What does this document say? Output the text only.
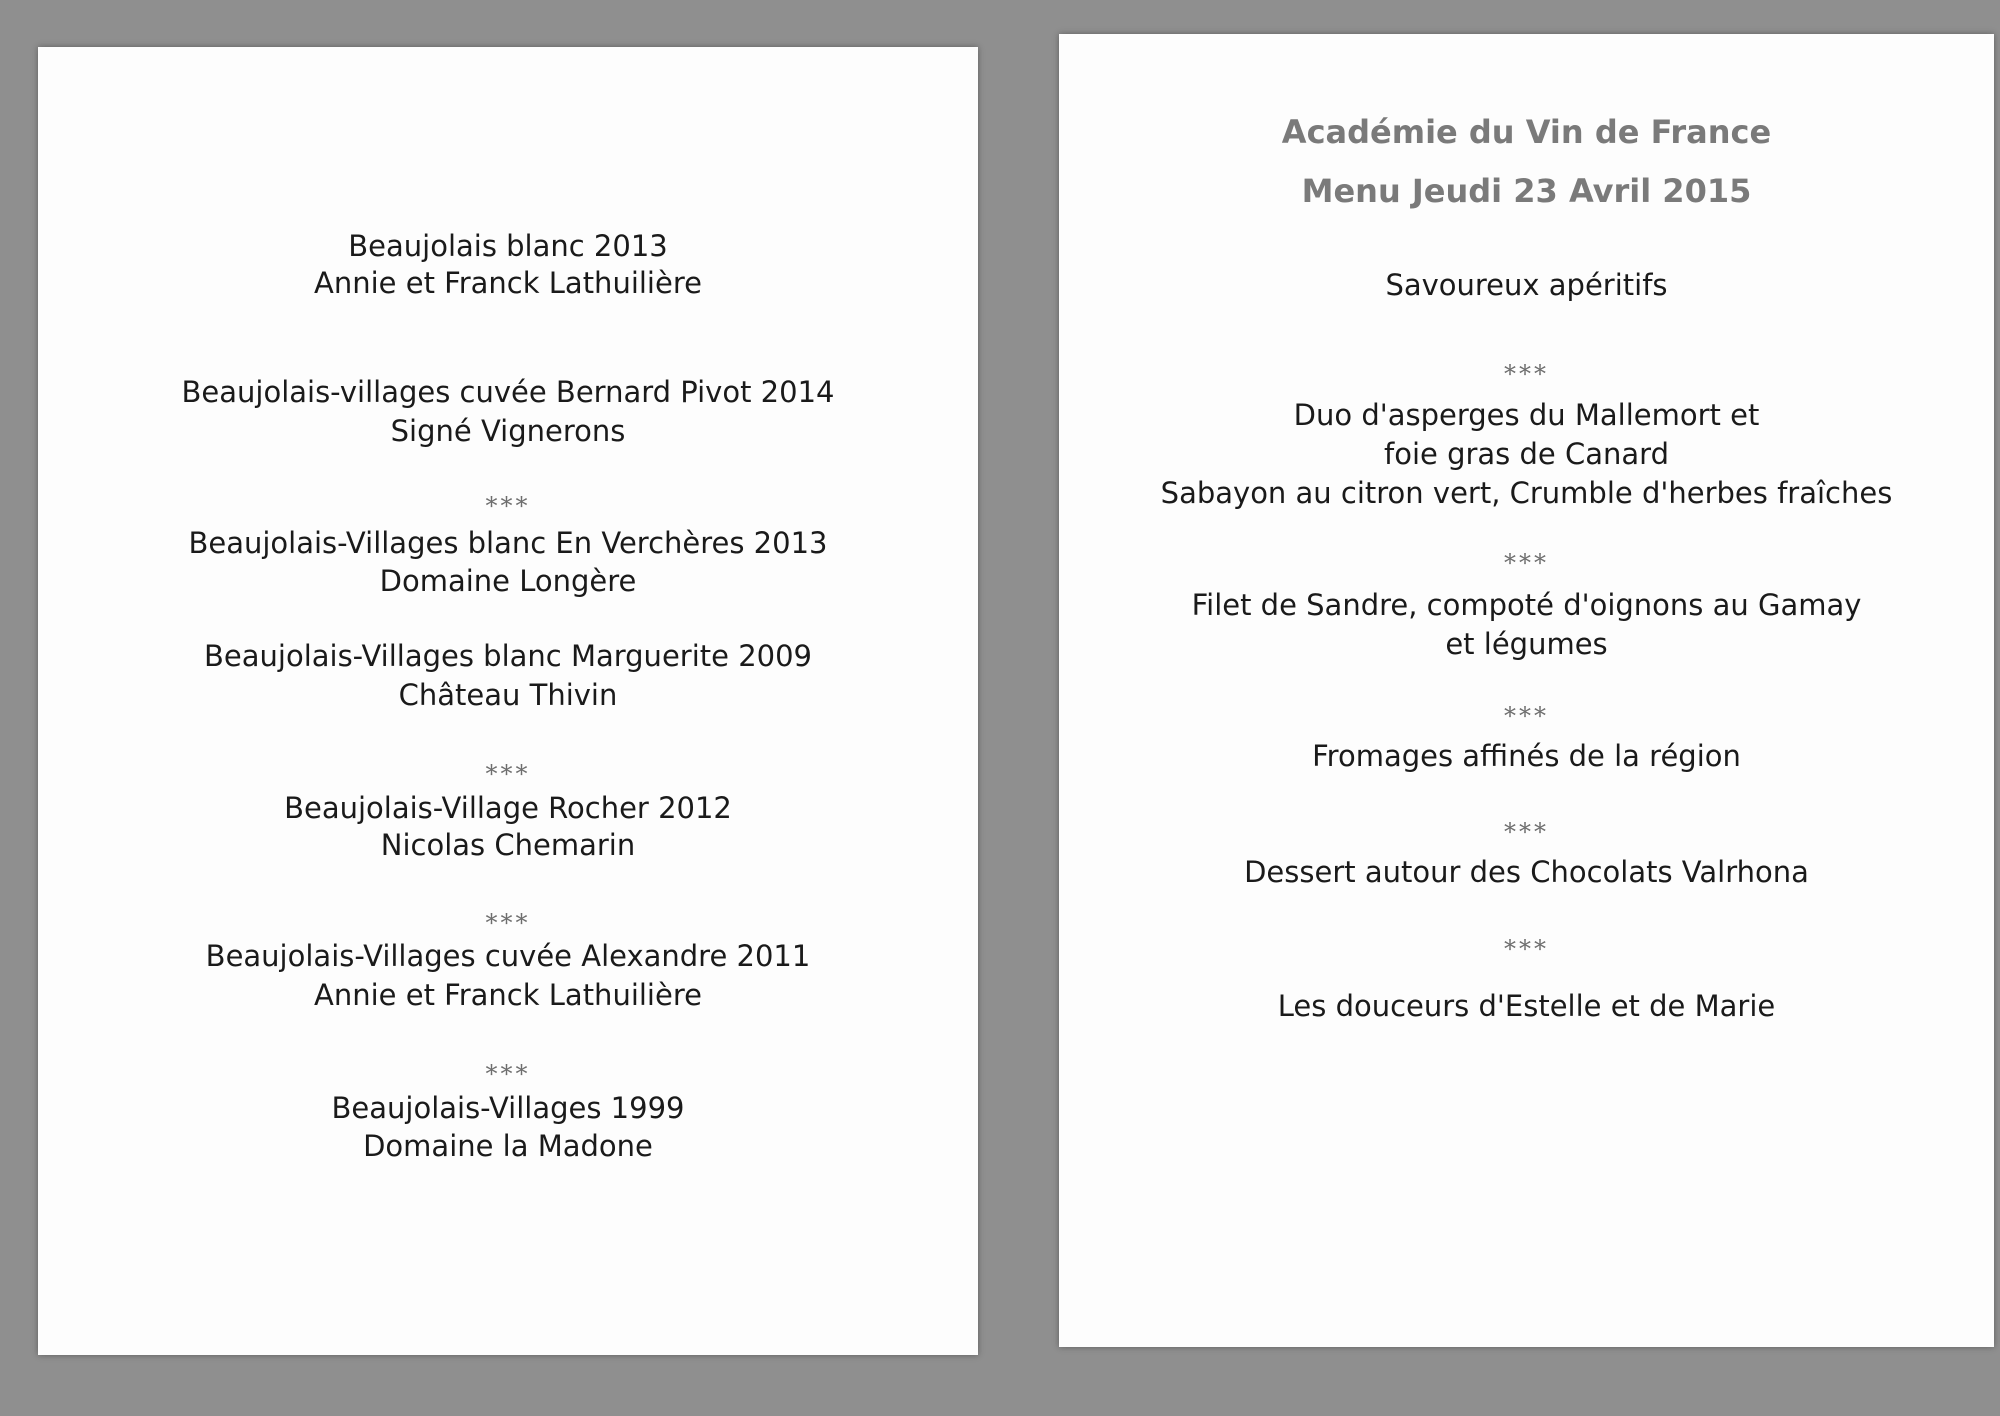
Beaujolais blanc 2013
Annie et Franck Lathuilière
Beaujolais-villages cuvée Bernard Pivot 2014
Signé Vignerons
***
Beaujolais-Villages blanc En Verchères 2013
Domaine Longère
Beaujolais-Villages blanc Marguerite 2009
Château Thivin
***
Beaujolais-Village Rocher 2012
Nicolas Chemarin
***
Beaujolais-Villages cuvée Alexandre 2011
Annie et Franck Lathuilière
***
Beaujolais-Villages 1999
Domaine la Madone
Académie du Vin de France
Menu Jeudi 23 Avril 2015
Savoureux apéritifs
***
Duo d'asperges du Mallemort et
foie gras de Canard
Sabayon au citron vert, Crumble d'herbes fraîches
***
Filet de Sandre, compoté d'oignons au Gamay
et légumes
***
Fromages affinés de la région
***
Dessert autour des Chocolats Valrhona
***
Les douceurs d'Estelle et de Marie
